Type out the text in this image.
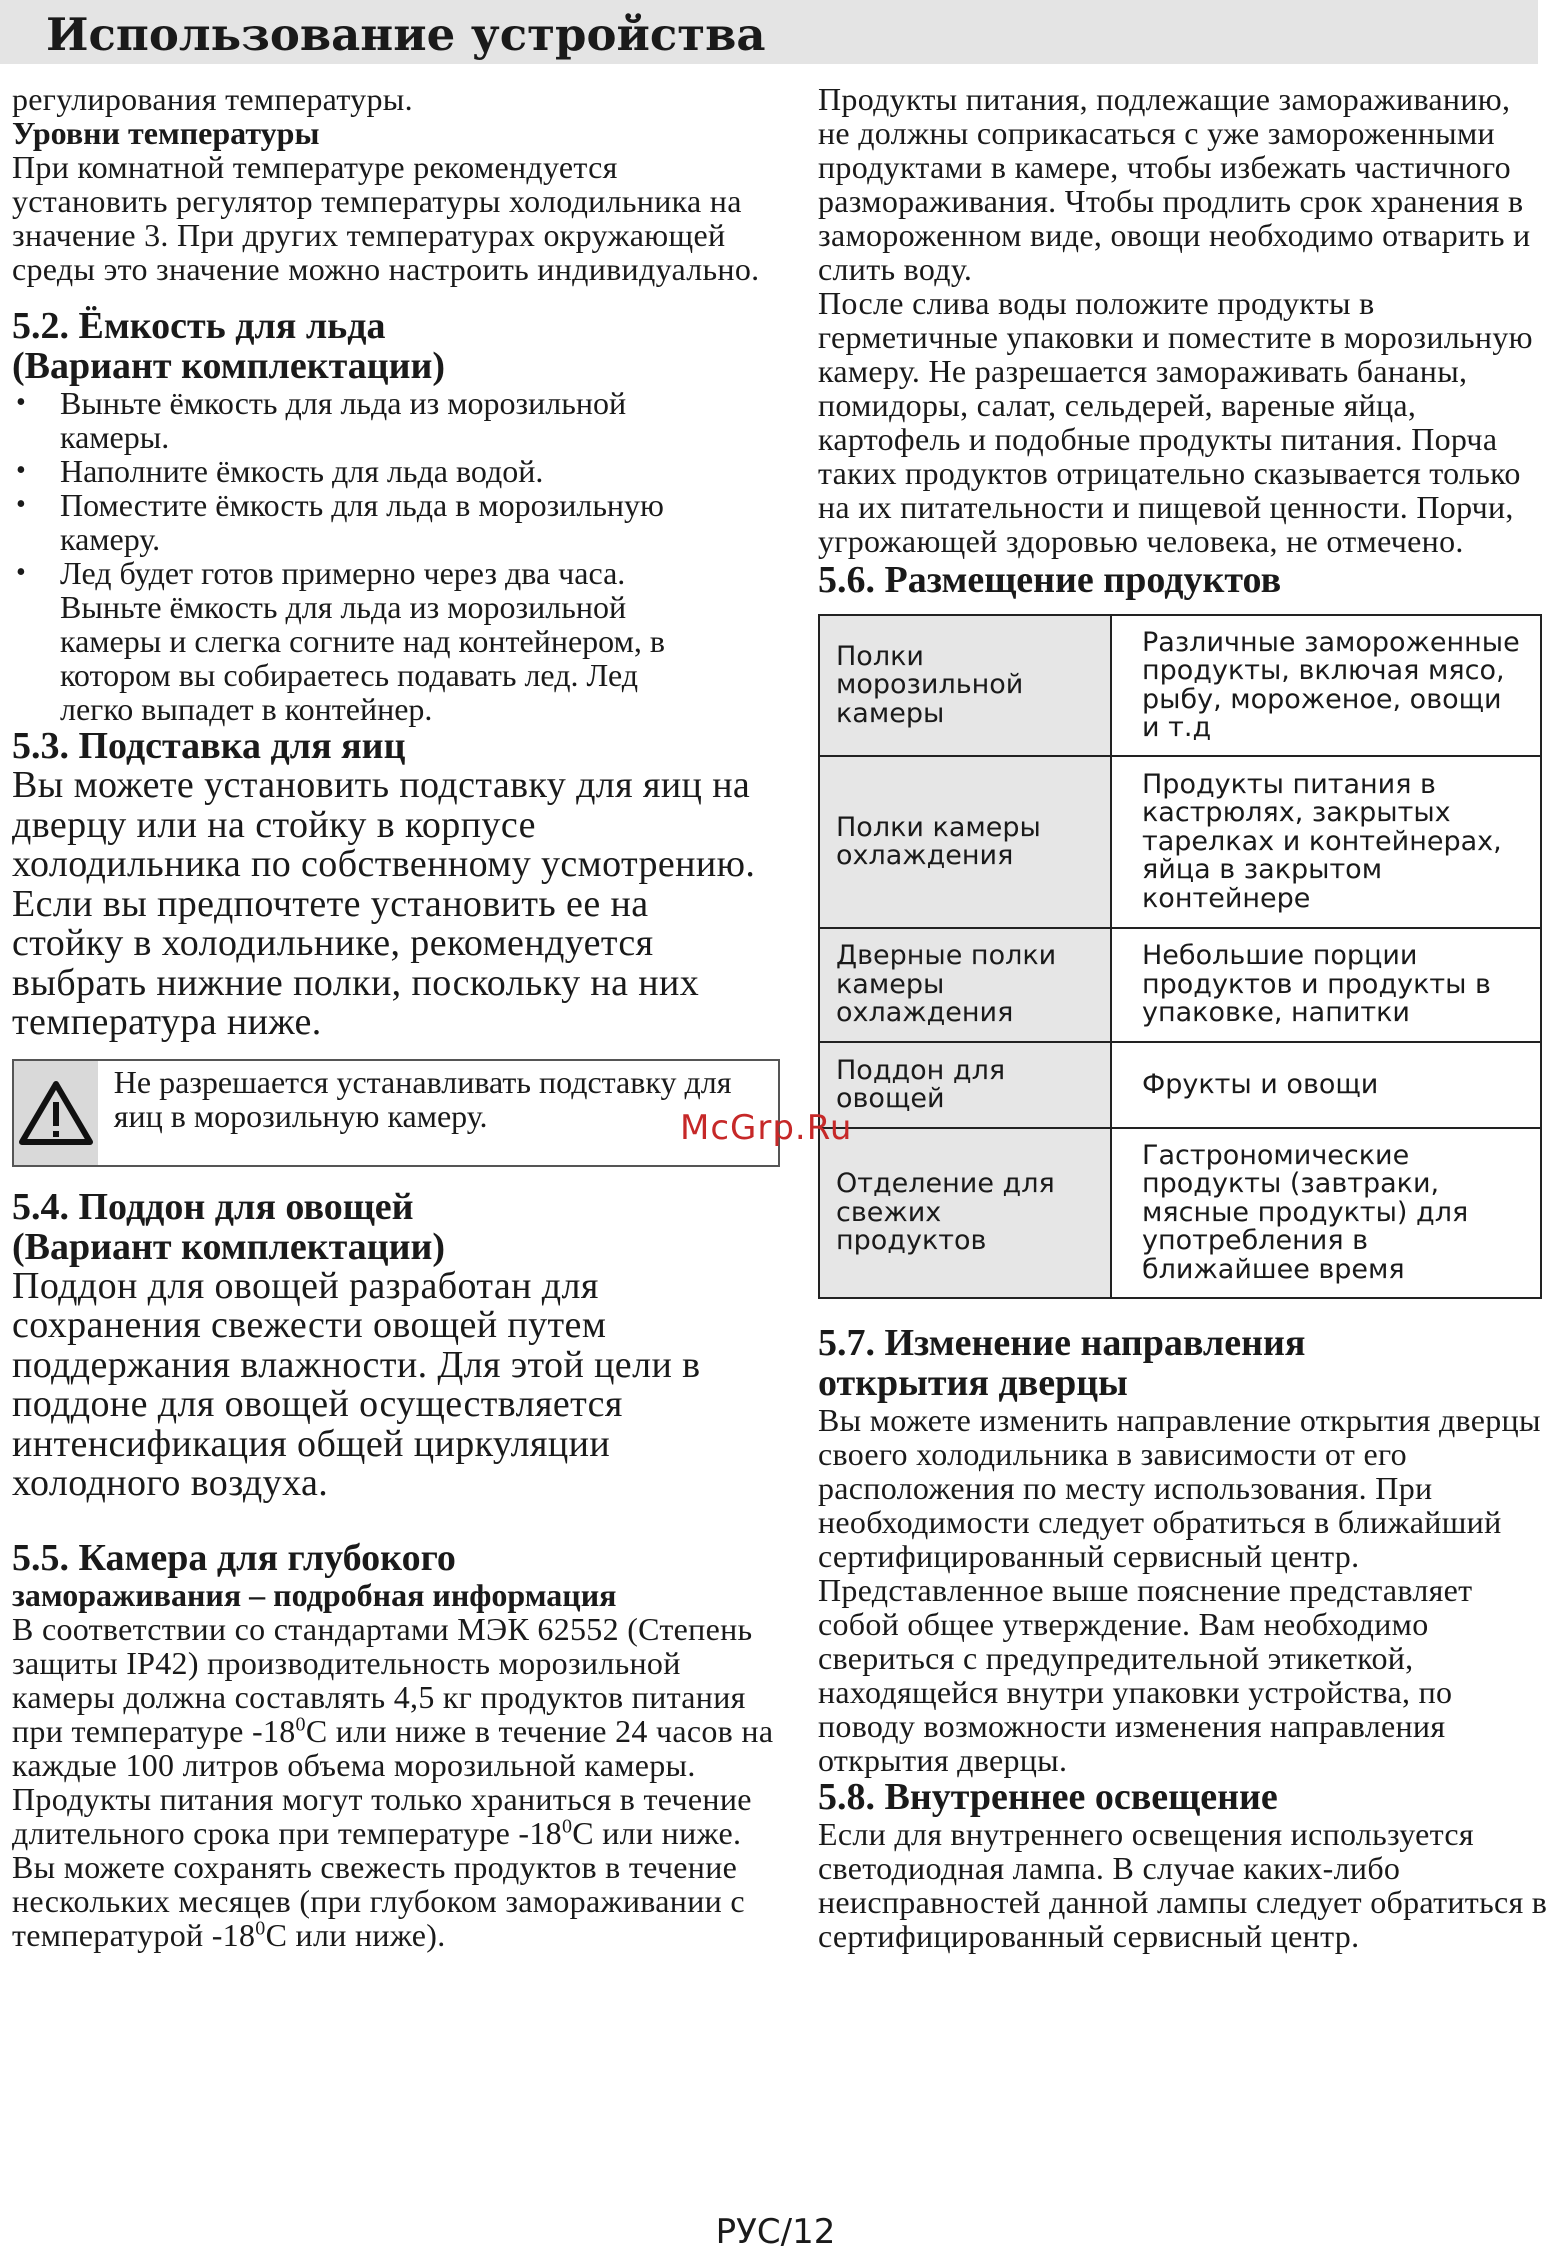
Использование устройства

регулирования температуры.

Уровни температуры

При комнатной температуре рекомендуется установить регулятор температуры холодильника на значение 3. При других температурах окружающей среды это значение можно настроить индивидуально.

5.2. Ёмкость для льда

(Вариант комплектации)

• Выньте ёмкость для льда из морозильной камеры.
• Наполните ёмкость для льда водой.
• Поместите ёмкость для льда в морозильную камеру.
• Лед будет готов примерно через два часа. Выньте ёмкость для льда из морозильной камеры и слегка согните над контейнером, в котором вы собираетесь подавать лед. Лед легко выпадет в контейнер.

5.3. Подставка для яиц

Вы можете установить подставку для яиц на дверцу или на стойку в корпусе холодильника по собственному усмотрению. Если вы предпочтете установить ее на стойку в холодильнике, рекомендуется выбрать нижние полки, поскольку на них температура ниже.

Не разрешается устанавливать подставку для яиц в морозильную камеру.

5.4. Поддон для овощей

(Вариант комплектации)

Поддон для овощей разработан для сохранения свежести овощей путем поддержания влажности. Для этой цели в поддоне для овощей осуществляется интенсификация общей циркуляции холодного воздуха.

5.5. Камера для глубокого

замораживания – подробная информация

В соответствии со стандартами МЭК 62552 (Степень защиты IP42) производительность морозильной камеры должна составлять 4,5 кг продуктов питания при температуре $-18^0C$ или ниже в течение 24 часов на каждые 100 литров объема морозильной камеры.

Продукты питания могут только храниться в течение длительного срока при температуре $-18^0C$ или ниже.

Вы можете сохранять свежесть продуктов в течение нескольких месяцев (при глубоком замораживании с температурой $-18^0C$ или ниже).

Продукты питания, подлежащие замораживанию, не должны соприкасаться с уже замороженными продуктами в камере, чтобы избежать частичного размораживания. Чтобы продлить срок хранения в замороженном виде, овощи необходимо отварить и слить воду.

После слива воды положите продукты в герметичные упаковки и поместите в морозильную камеру. Не разрешается замораживать бананы, помидоры, салат, сельдерей, вареные яйца, картофель и подобные продукты питания. Порча таких продуктов отрицательно сказывается только на их питательности и пищевой ценности. Порчи, угрожающей здоровью человека, не отмечено.

5.6. Размещение продуктов

Полки морозильной камеры	Различные замороженные продукты, включая мясо, рыбу, мороженое, овощи и т.д
Полки камеры охлаждения	Продукты питания в кастрюлях, закрытых тарелках и контейнерах, яйца в закрытом контейнере
Дверные полки камеры охлаждения	Небольшие порции продуктов и продукты в упаковке, напитки
Поддон для овощей	Фрукты и овощи
Отделение для свежих продуктов	Гастрономические продукты (завтраки, мясные продукты) для употребления в ближайшее время

5.7. Изменение направления

открытия дверцы

Вы можете изменить направление открытия дверцы своего холодильника в зависимости от его расположения по месту использования. При необходимости следует обратиться в ближайший сертифицированный сервисный центр. Представленное выше пояснение представляет собой общее утверждение. Вам необходимо свериться с предупредительной этикеткой, находящейся внутри упаковки устройства, по поводу возможности изменения направления открытия дверцы.

5.8. Внутреннее освещение

Если для внутреннего освещения используется светодиодная лампа. В случае каких-либо неисправностей данной лампы следует обратиться в сертифицированный сервисный центр.

McGrp.Ru
РУС/12
